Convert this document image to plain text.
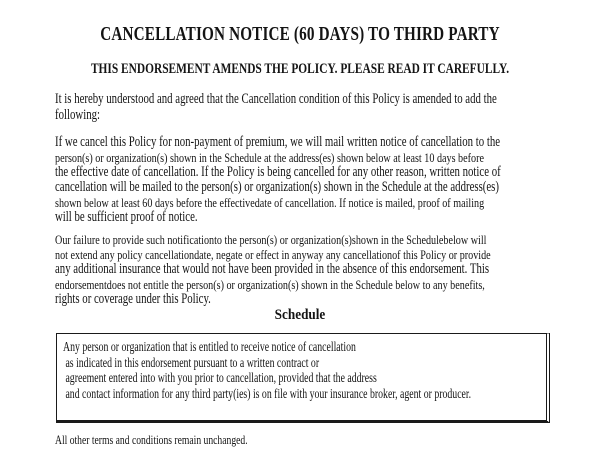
CANCELLATION NOTICE (60 DAYS) TO THIRD PARTY
THIS ENDORSEMENT AMENDS THE POLICY. PLEASE READ IT CAREFULLY.
It is hereby understood and agreed that the Cancellation condition of this Policy is amended to add the
following:
If we cancel this Policy for non-payment of premium, we will mail written notice of cancellation to the
person(s) or organization(s) shown in the Schedule at the address(es) shown below at least 10 days before
the effective date of cancellation. If the Policy is being cancelled for any other reason, written notice of
cancellation will be mailed to the person(s) or organization(s) shown in the Schedule at the address(es)
shown below at least 60 days before the effectivedate of cancellation. If notice is mailed, proof of mailing
will be sufficient proof of notice.
Our failure to provide such notificationto the person(s) or organization(s)shown in the Schedulebelow will
not extend any policy cancellationdate, negate or effect in anyway any cancellationof this Policy or provide
any additional insurance that would not have been provided in the absence of this endorsement. This
endorsementdoes not entitle the person(s) or organization(s) shown in the Schedule below to any benefits,
rights or coverage under this Policy.
Schedule
Any person or organization that is entitled to receive notice of cancellation
as indicated in this endorsement pursuant to a written contract or
agreement entered into with you prior to cancellation, provided that the address
and contact information for any third party(ies) is on file with your insurance broker, agent or producer.

All other terms and conditions remain unchanged.
